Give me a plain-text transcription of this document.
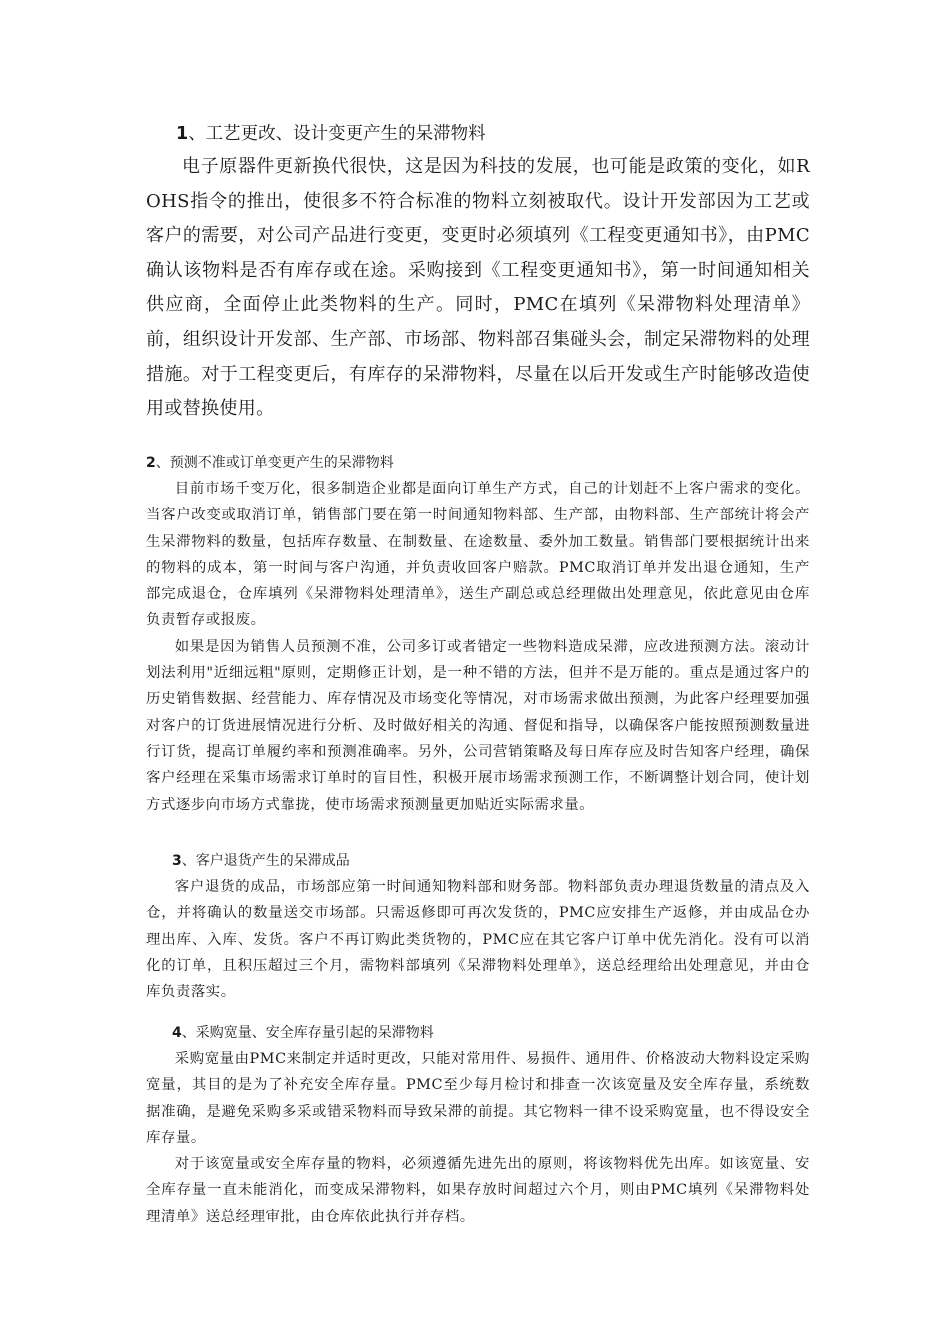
1、工艺更改、设计变更产生的呆滞物料

电子原器件更新换代很快，这是因为科技的发展，也可能是政策的变化，如ROHS指令的推出，使很多不符合标准的物料立刻被取代。设计开发部因为工艺或客户的需要，对公司产品进行变更，变更时必须填列《工程变更通知书》，由PMC确认该物料是否有库存或在途。采购接到《工程变更通知书》，第一时间通知相关供应商，全面停止此类物料的生产。同时，PMC在填列《呆滞物料处理清单》前，组织设计开发部、生产部、市场部、物料部召集碰头会，制定呆滞物料的处理措施。对于工程变更后，有库存的呆滞物料，尽量在以后开发或生产时能够改造使用或替换使用。

2、预测不准或订单变更产生的呆滞物料

目前市场千变万化，很多制造企业都是面向订单生产方式，自己的计划赶不上客户需求的变化。当客户改变或取消订单，销售部门要在第一时间通知物料部、生产部，由物料部、生产部统计将会产生呆滞物料的数量，包括库存数量、在制数量、在途数量、委外加工数量。销售部门要根据统计出来的物料的成本，第一时间与客户沟通，并负责收回客户赔款。PMC取消订单并发出退仓通知，生产部完成退仓，仓库填列《呆滞物料处理清单》，送生产副总或总经理做出处理意见，依此意见由仓库负责暂存或报废。

如果是因为销售人员预测不准，公司多订或者错定一些物料造成呆滞，应改进预测方法。滚动计划法利用"近细远粗"原则，定期修正计划，是一种不错的方法，但并不是万能的。重点是通过客户的历史销售数据、经营能力、库存情况及市场变化等情况，对市场需求做出预测，为此客户经理要加强对客户的订货进展情况进行分析、及时做好相关的沟通、督促和指导，以确保客户能按照预测数量进行订货，提高订单履约率和预测准确率。另外，公司营销策略及每日库存应及时告知客户经理，确保客户经理在采集市场需求订单时的盲目性，积极开展市场需求预测工作，不断调整计划合同，使计划方式逐步向市场方式靠拢，使市场需求预测量更加贴近实际需求量。

3、客户退货产生的呆滞成品

客户退货的成品，市场部应第一时间通知物料部和财务部。物料部负责办理退货数量的清点及入仓，并将确认的数量送交市场部。只需返修即可再次发货的，PMC应安排生产返修，并由成品仓办理出库、入库、发货。客户不再订购此类货物的，PMC应在其它客户订单中优先消化。没有可以消化的订单，且积压超过三个月，需物料部填列《呆滞物料处理单》，送总经理给出处理意见，并由仓库负责落实。

4、采购宽量、安全库存量引起的呆滞物料

采购宽量由PMC来制定并适时更改，只能对常用件、易损件、通用件、价格波动大物料设定采购宽量，其目的是为了补充安全库存量。PMC至少每月检讨和排查一次该宽量及安全库存量，系统数据准确，是避免采购多采或错采物料而导致呆滞的前提。其它物料一律不设采购宽量，也不得设安全库存量。

对于该宽量或安全库存量的物料，必须遵循先进先出的原则，将该物料优先出库。如该宽量、安全库存量一直未能消化，而变成呆滞物料，如果存放时间超过六个月，则由PMC填列《呆滞物料处理清单》送总经理审批，由仓库依此执行并存档。
